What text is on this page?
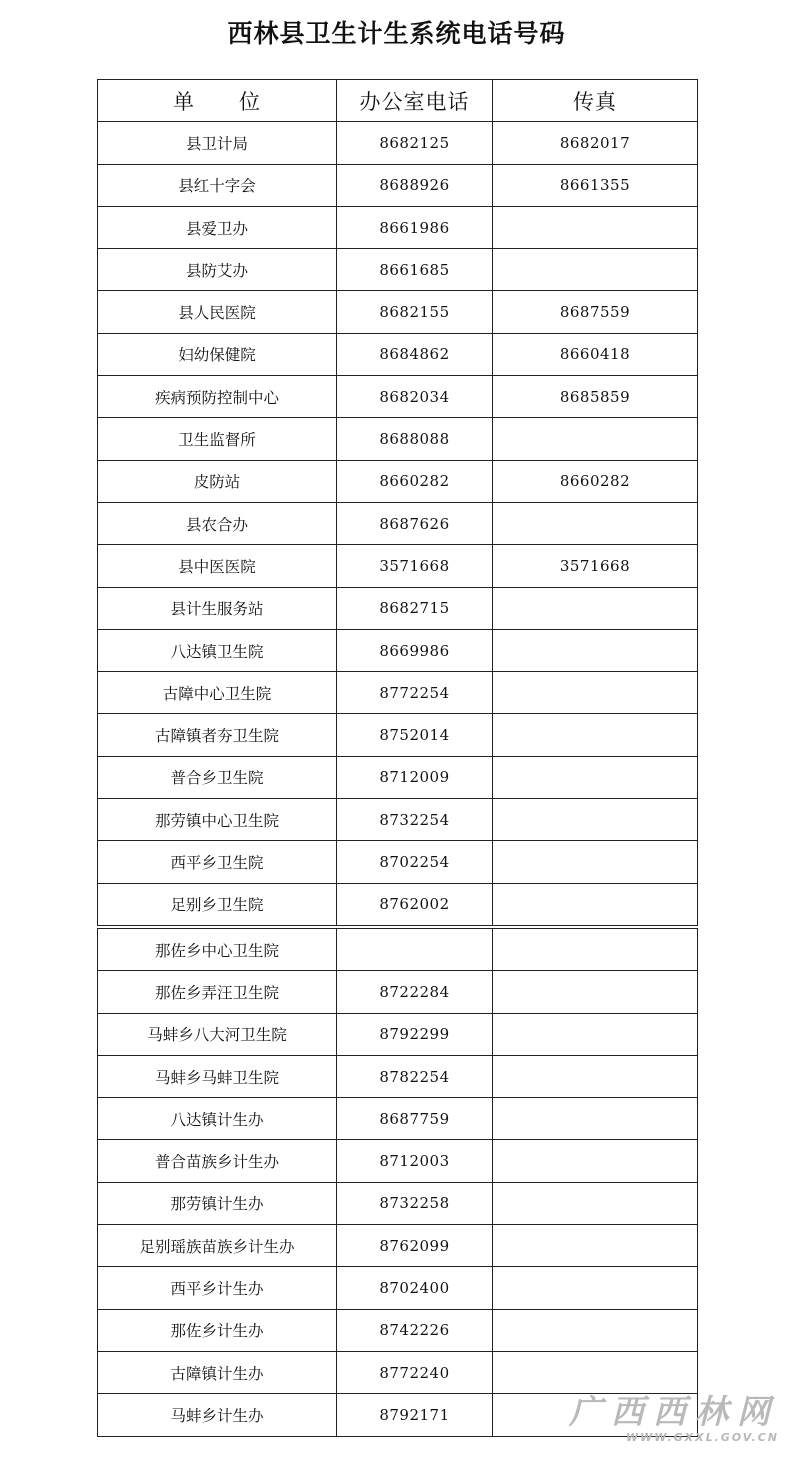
西林县卫生计生系统电话号码
单　　位	办公室电话	传真
县卫计局	8682125	8682017
县红十字会	8688926	8661355
县爱卫办	8661986	
县防艾办	8661685	
县人民医院	8682155	8687559
妇幼保健院	8684862	8660418
疾病预防控制中心	8682034	8685859
卫生监督所	8688088	
皮防站	8660282	8660282
县农合办	8687626	
县中医医院	3571668	3571668
县计生服务站	8682715	
八达镇卫生院	8669986	
古障中心卫生院	8772254	
古障镇者夯卫生院	8752014	
普合乡卫生院	8712009	
那劳镇中心卫生院	8732254	
西平乡卫生院	8702254	
足别乡卫生院	8762002	
那佐乡中心卫生院		
那佐乡弄汪卫生院	8722284	
马蚌乡八大河卫生院	8792299	
马蚌乡马蚌卫生院	8782254	
八达镇计生办	8687759	
普合苗族乡计生办	8712003	
那劳镇计生办	8732258	
足别瑶族苗族乡计生办	8762099	
西平乡计生办	8702400	
那佐乡计生办	8742226	
古障镇计生办	8772240	
马蚌乡计生办	8792171		广西西林网
WWW.GXXL.GOV.CN
